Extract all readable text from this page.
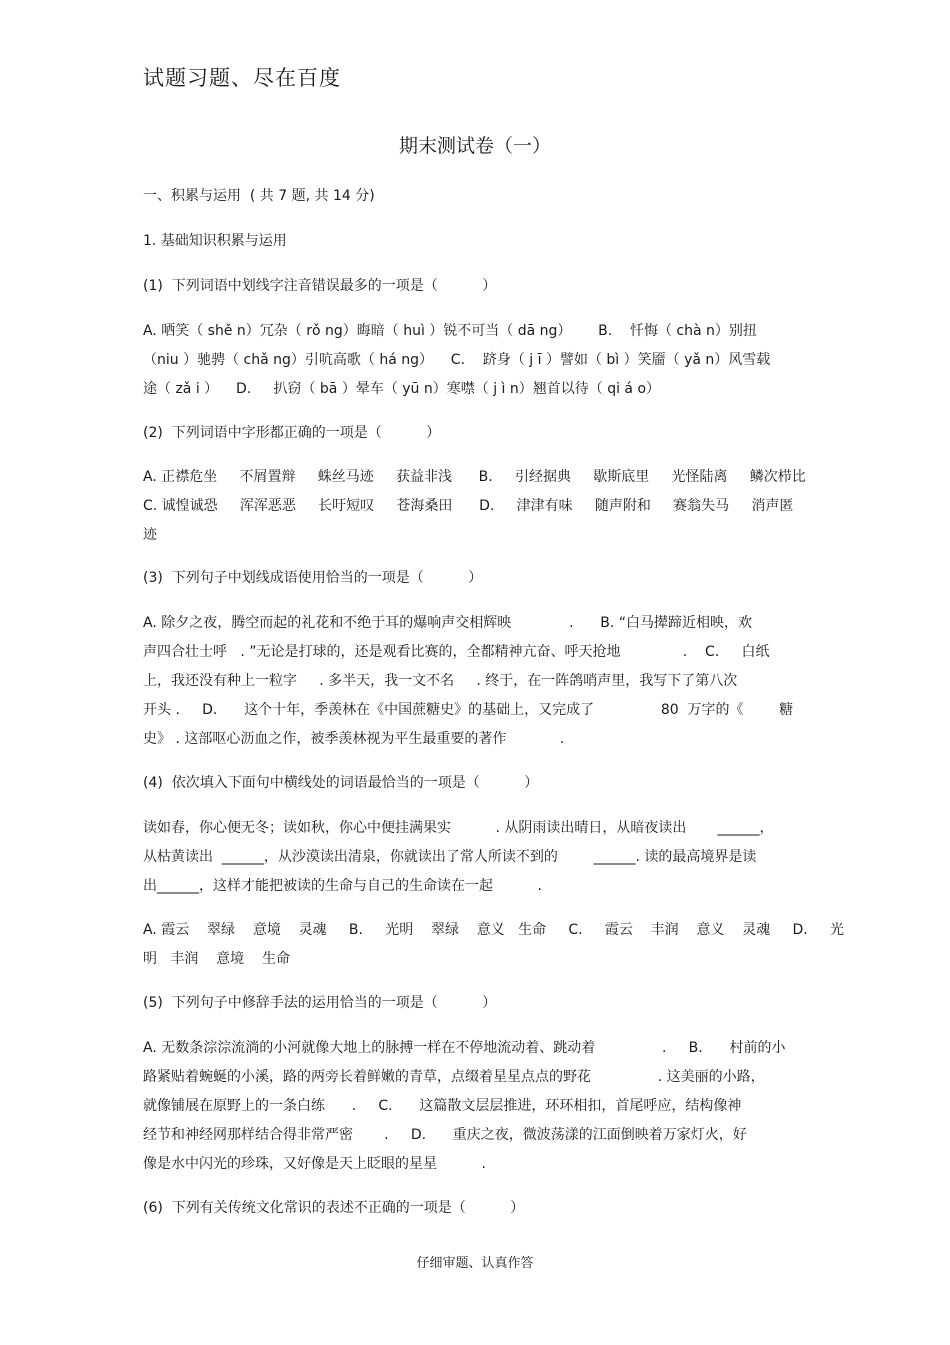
试题习题、尽在百度
期末测试卷（一）
一、积累与运用  ( 共 7 题, 共 14 分)
1. 基础知识积累与运用
(1)  下列词语中划线字注音错误最多的一项是（          ）
A. 哂笑（ shě n）冗杂（ rǒ ng）晦暗（ huì ）锐不可当（ dā ng）      B.    忏悔（ chà n）别扭
（niu ）驰骋（ chǎ ng）引吭高歌（ há ng）    C.    跻身（ j ī ）譬如（ bì ）笑靥（ yǎ n）风雪载
途（ zǎ i ）    D.     扒窃（ bā ）晕车（ yū n）寒噤（ j ì n）翘首以待（ qi á o）
(2)  下列词语中字形都正确的一项是（          ）
A. 正襟危坐     不屑置辩     蛛丝马迹     获益非浅      B.     引经据典     歇斯底里     光怪陆离     鳞次栉比
C. 诚惶诚恐     浑浑恶恶     长吁短叹     苍海桑田      D.     津津有味     随声附和     赛翁失马     消声匿
迹
(3)  下列句子中划线成语使用恰当的一项是（          ）
A. 除夕之夜，腾空而起的礼花和不绝于耳的爆响声交相辉映             .      B. “白马撵蹄近相映，欢
声四合壮士呼   . ”无论是打球的，还是观看比赛的，全都精神亢奋、呼天抢地              .    C.     白纸
上，我还没有种上一粒字     . 多半天，我一文不名     . 终于，在一阵鸽哨声里，我写下了第八次
开头 .     D.      这个十年，季羡林在《中国蔗糖史》的基础上，又完成了               80  万字的《        糖
史》 . 这部呕心沥血之作，被季羡林视为平生最重要的著作            .
(4)  依次填入下面句中横线处的词语最恰当的一项是（          ）
读如春，你心便无冬；读如秋，你心中便挂满果实          . 从阴雨读出晴日，从暗夜读出       ______，
从枯黄读出  ______，从沙漠读出清泉，你就读出了常人所读不到的        ______. 读的最高境界是读
出______，这样才能把被读的生命与自己的生命读在一起          .
A. 霞云    翠绿    意境    灵魂     B.     光明    翠绿    意义   生命     C.     霞云    丰润    意义    灵魂     D.     光
明   丰润    意境    生命
(5)  下列句子中修辞手法的运用恰当的一项是（          ）
A. 无数条淙淙流淌的小河就像大地上的脉搏一样在不停地流动着、跳动着               .     B.      村前的小
路紧贴着蜿蜒的小溪，路的两旁长着鲜嫩的青草，点缀着星星点点的野花               . 这美丽的小路，
就像铺展在原野上的一条白练      .     C.      这篇散文层层推进，环环相扣，首尾呼应，结构像神
经节和神经网那样结合得非常严密       .     D.      重庆之夜，微波荡漾的江面倒映着万家灯火，好
像是水中闪光的珍珠，又好像是天上眨眼的星星          .
(6)  下列有关传统文化常识的表述不正确的一项是（          ）
仔细审题、认真作答
